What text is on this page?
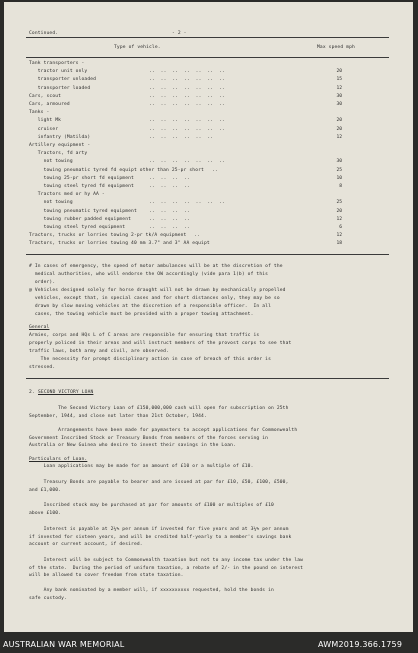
Continued.	- 2 -
Type of vehicle.	Max speed mph
Tank transporters -
tractor unit only	..  ..  ..  ..  ..  ..  ..	20
transporter unloaded	..  ..  ..  ..  ..  ..  ..	15
transporter loaded	..  ..  ..  ..  ..  ..  ..	12
Cars, scout	..  ..  ..  ..  ..  ..  ..	30
Cars, armoured	..  ..  ..  ..  ..  ..  ..	30
Tanks -
light Mk	..  ..  ..  ..  ..  ..  ..	20
cruiser	..  ..  ..  ..  ..  ..  ..	20
infantry (Matilda)	..  ..  ..  ..  ..  ..	12
Artillery equipment -
Tractors, fd arty
not towing	..  ..  ..  ..  ..  ..  ..	30
towing pneumatic tyred fd equipt other than 25-pr short ..	25
towing 25-pr short fd equipment	..  ..  ..  ..	10
towing steel tyred fd equipment	..  ..  ..  ..	8
Tractors med or hy AA -
not towing	..  ..  ..  ..  ..  ..  ..	25
towing pneumatic tyred equipment	..  ..  ..  ..	20
towing rubber padded equipment	..  ..  ..  ..	12
towing steel tyred equipment	..  ..  ..  ..	6
Tractors, trucks or lorries towing 2-pr tk/A equipment ..	12
Tractors, trucks or lorries towing 40 mm 3.7" and 3" AA equipt	18
# In cases of emergency, the speed of motor ambulances will be at the discretion of the
medical authorities, who will endorse the OW accordingly (vide para 1(b) of this
order).
@ Vehicles designed solely for horse draught will not be drawn by mechanically propelled
vehicles, except that, in special cases and for short distances only, they may be so
drawn by slow moving vehicles at the discretion of a responsible officer.  In all
cases, the towing vehicle must be provided with a proper towing attachment.
General
Armies, corps and HQs L of C areas are responsible for ensuring that traffic is
properly policed in their areas and will instruct members of the provost corps to see that
traffic laws, both army and civil, are observed.
The necessity for prompt disciplinary action in case of breach of this order is
stressed.
2. SECOND VICTORY LOAN
The Second Victory Loan of £150,000,000 cash will open for subscription on 25th
September, 1944, and close not later than 21st October, 1944.
Arrangements have been made for paymasters to accept applications for Commonwealth
Government Inscribed Stock or Treasury Bonds from members of the forces serving in
Australia or New Guinea who desire to invest their savings in the Loan.
Particulars of Loan.
Loan applications may be made for an amount of £10 or a multiple of £10.
Treasury Bonds are payable to bearer and are issued at par for £10, £50, £100, £500,
and £1,000.
Inscribed stock may be purchased at par for amounts of £100 or multiples of £10
above £100.
Interest is payable at 2¼% per annum if invested for five years and at 3¼% per annum
if invested for sixteen years, and will be credited half-yearly to a member's savings bank
account or current account, if desired.
Interest will be subject to Commonwealth taxation but not to any income tax under the law
of the state.  During the period of uniform taxation, a rebate of 2/- in the pound on interest
will be allowed to cover freedom from state taxation.
Any bank nominated by a member will, if xxxxxxxxxx requested, hold the bonds in
safe custody.
AUSTRALIAN WAR MEMORIAL	AWM2019.366.1759
